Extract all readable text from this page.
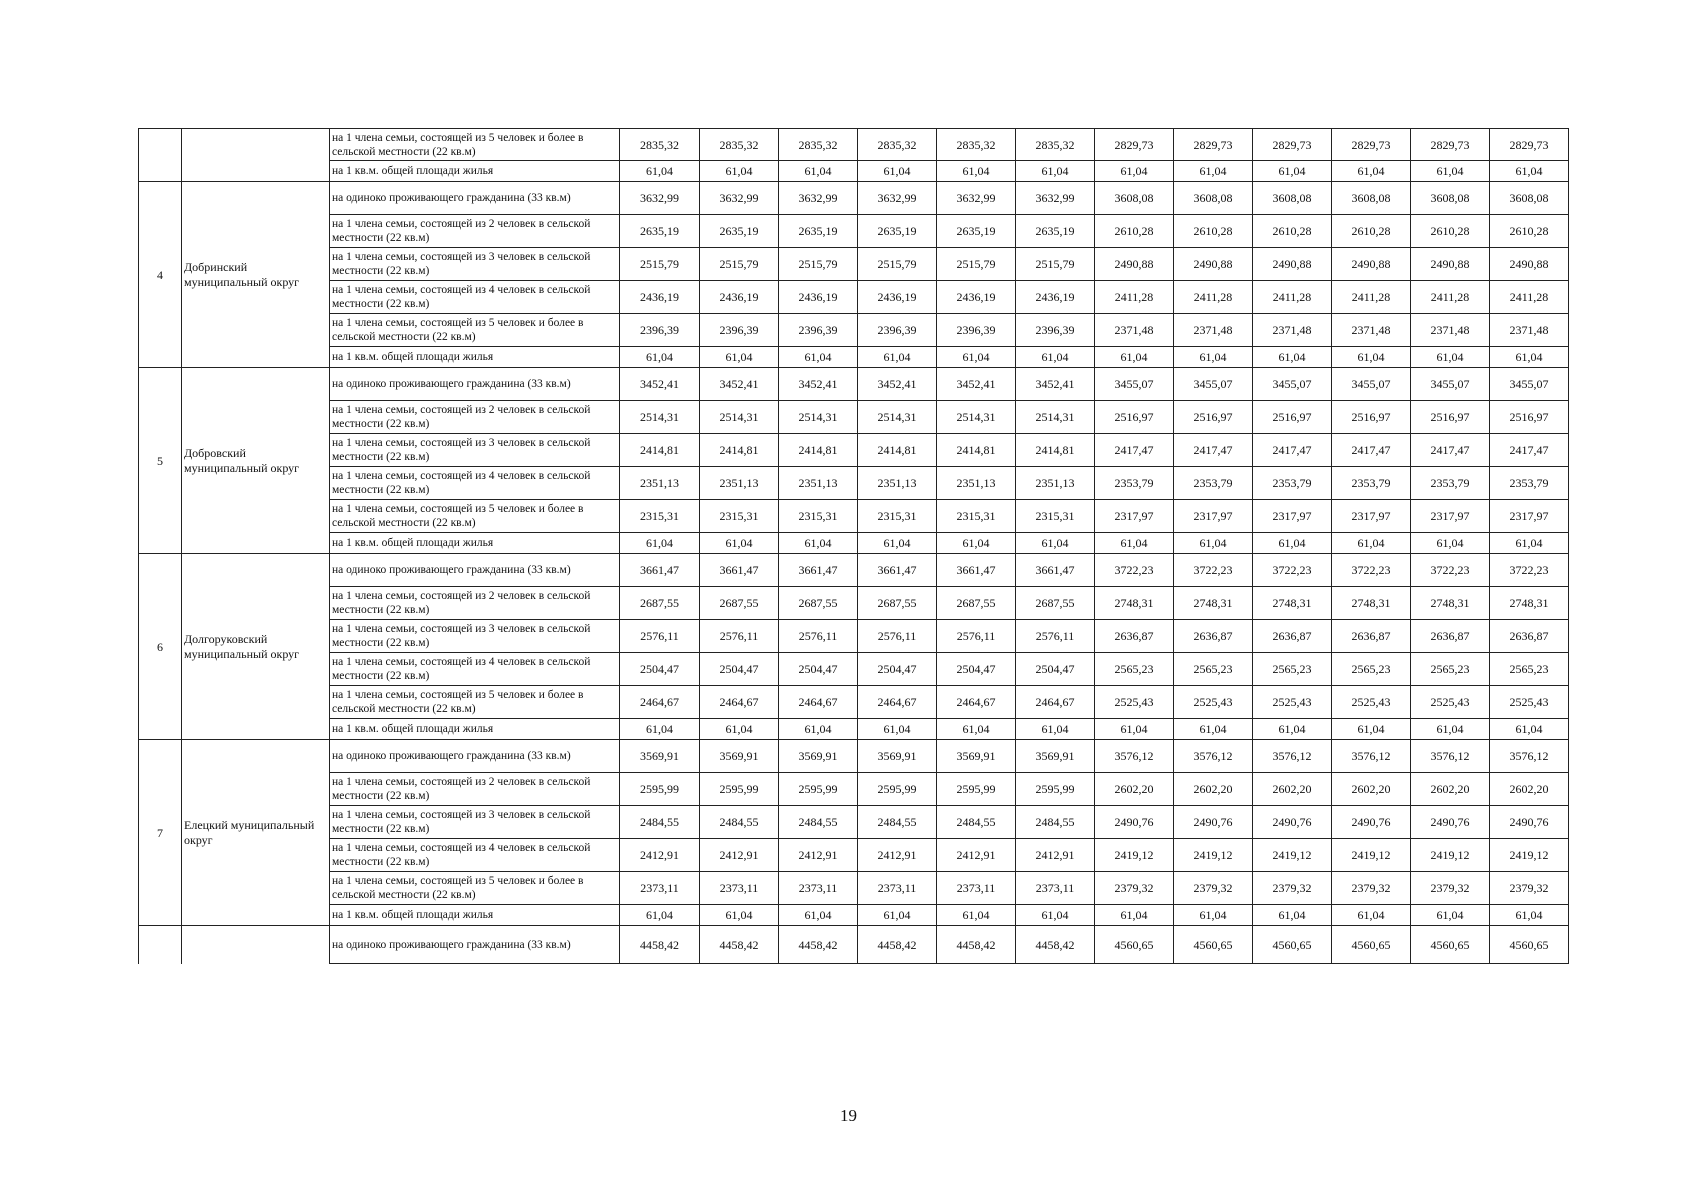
		на 1 члена семьи, состоящей из 5 человек и более в сельской местности (22 кв.м)	2835,32	2835,32	2835,32	2835,32	2835,32	2835,32	2829,73	2829,73	2829,73	2829,73	2829,73	2829,73
		на 1 кв.м. общей площади жилья	61,04	61,04	61,04	61,04	61,04	61,04	61,04	61,04	61,04	61,04	61,04	61,04
4	Добринский муниципальный округ	на одиноко проживающего гражданина (33 кв.м)	3632,99	3632,99	3632,99	3632,99	3632,99	3632,99	3608,08	3608,08	3608,08	3608,08	3608,08	3608,08
		на 1 члена семьи, состоящей из 2 человек в сельской местности (22 кв.м)	2635,19	2635,19	2635,19	2635,19	2635,19	2635,19	2610,28	2610,28	2610,28	2610,28	2610,28	2610,28
		на 1 члена семьи, состоящей из 3 человек в сельской местности (22 кв.м)	2515,79	2515,79	2515,79	2515,79	2515,79	2515,79	2490,88	2490,88	2490,88	2490,88	2490,88	2490,88
		на 1 члена семьи, состоящей из 4 человек в сельской местности (22 кв.м)	2436,19	2436,19	2436,19	2436,19	2436,19	2436,19	2411,28	2411,28	2411,28	2411,28	2411,28	2411,28
		на 1 члена семьи, состоящей из 5 человек и более в сельской местности (22 кв.м)	2396,39	2396,39	2396,39	2396,39	2396,39	2396,39	2371,48	2371,48	2371,48	2371,48	2371,48	2371,48
		на 1 кв.м. общей площади жилья	61,04	61,04	61,04	61,04	61,04	61,04	61,04	61,04	61,04	61,04	61,04	61,04
5	Добровский муниципальный округ	на одиноко проживающего гражданина (33 кв.м)	3452,41	3452,41	3452,41	3452,41	3452,41	3452,41	3455,07	3455,07	3455,07	3455,07	3455,07	3455,07
		на 1 члена семьи, состоящей из 2 человек в сельской местности (22 кв.м)	2514,31	2514,31	2514,31	2514,31	2514,31	2514,31	2516,97	2516,97	2516,97	2516,97	2516,97	2516,97
		на 1 члена семьи, состоящей из 3 человек в сельской местности (22 кв.м)	2414,81	2414,81	2414,81	2414,81	2414,81	2414,81	2417,47	2417,47	2417,47	2417,47	2417,47	2417,47
		на 1 члена семьи, состоящей из 4 человек в сельской местности (22 кв.м)	2351,13	2351,13	2351,13	2351,13	2351,13	2351,13	2353,79	2353,79	2353,79	2353,79	2353,79	2353,79
		на 1 члена семьи, состоящей из 5 человек и более в сельской местности (22 кв.м)	2315,31	2315,31	2315,31	2315,31	2315,31	2315,31	2317,97	2317,97	2317,97	2317,97	2317,97	2317,97
		на 1 кв.м. общей площади жилья	61,04	61,04	61,04	61,04	61,04	61,04	61,04	61,04	61,04	61,04	61,04	61,04
6	Долгоруковский муниципальный округ	на одиноко проживающего гражданина (33 кв.м)	3661,47	3661,47	3661,47	3661,47	3661,47	3661,47	3722,23	3722,23	3722,23	3722,23	3722,23	3722,23
		на 1 члена семьи, состоящей из 2 человек в сельской местности (22 кв.м)	2687,55	2687,55	2687,55	2687,55	2687,55	2687,55	2748,31	2748,31	2748,31	2748,31	2748,31	2748,31
		на 1 члена семьи, состоящей из 3 человек в сельской местности (22 кв.м)	2576,11	2576,11	2576,11	2576,11	2576,11	2576,11	2636,87	2636,87	2636,87	2636,87	2636,87	2636,87
		на 1 члена семьи, состоящей из 4 человек в сельской местности (22 кв.м)	2504,47	2504,47	2504,47	2504,47	2504,47	2504,47	2565,23	2565,23	2565,23	2565,23	2565,23	2565,23
		на 1 члена семьи, состоящей из 5 человек и более в сельской местности (22 кв.м)	2464,67	2464,67	2464,67	2464,67	2464,67	2464,67	2525,43	2525,43	2525,43	2525,43	2525,43	2525,43
		на 1 кв.м. общей площади жилья	61,04	61,04	61,04	61,04	61,04	61,04	61,04	61,04	61,04	61,04	61,04	61,04
7	Елецкий муниципальный округ	на одиноко проживающего гражданина (33 кв.м)	3569,91	3569,91	3569,91	3569,91	3569,91	3569,91	3576,12	3576,12	3576,12	3576,12	3576,12	3576,12
		на 1 члена семьи, состоящей из 2 человек в сельской местности (22 кв.м)	2595,99	2595,99	2595,99	2595,99	2595,99	2595,99	2602,20	2602,20	2602,20	2602,20	2602,20	2602,20
		на 1 члена семьи, состоящей из 3 человек в сельской местности (22 кв.м)	2484,55	2484,55	2484,55	2484,55	2484,55	2484,55	2490,76	2490,76	2490,76	2490,76	2490,76	2490,76
		на 1 члена семьи, состоящей из 4 человек в сельской местности (22 кв.м)	2412,91	2412,91	2412,91	2412,91	2412,91	2412,91	2419,12	2419,12	2419,12	2419,12	2419,12	2419,12
		на 1 члена семьи, состоящей из 5 человек и более в сельской местности (22 кв.м)	2373,11	2373,11	2373,11	2373,11	2373,11	2373,11	2379,32	2379,32	2379,32	2379,32	2379,32	2379,32
		на 1 кв.м. общей площади жилья	61,04	61,04	61,04	61,04	61,04	61,04	61,04	61,04	61,04	61,04	61,04	61,04
		на одиноко проживающего гражданина (33 кв.м)	4458,42	4458,42	4458,42	4458,42	4458,42	4458,42	4560,65	4560,65	4560,65	4560,65	4560,65	4560,65
19
